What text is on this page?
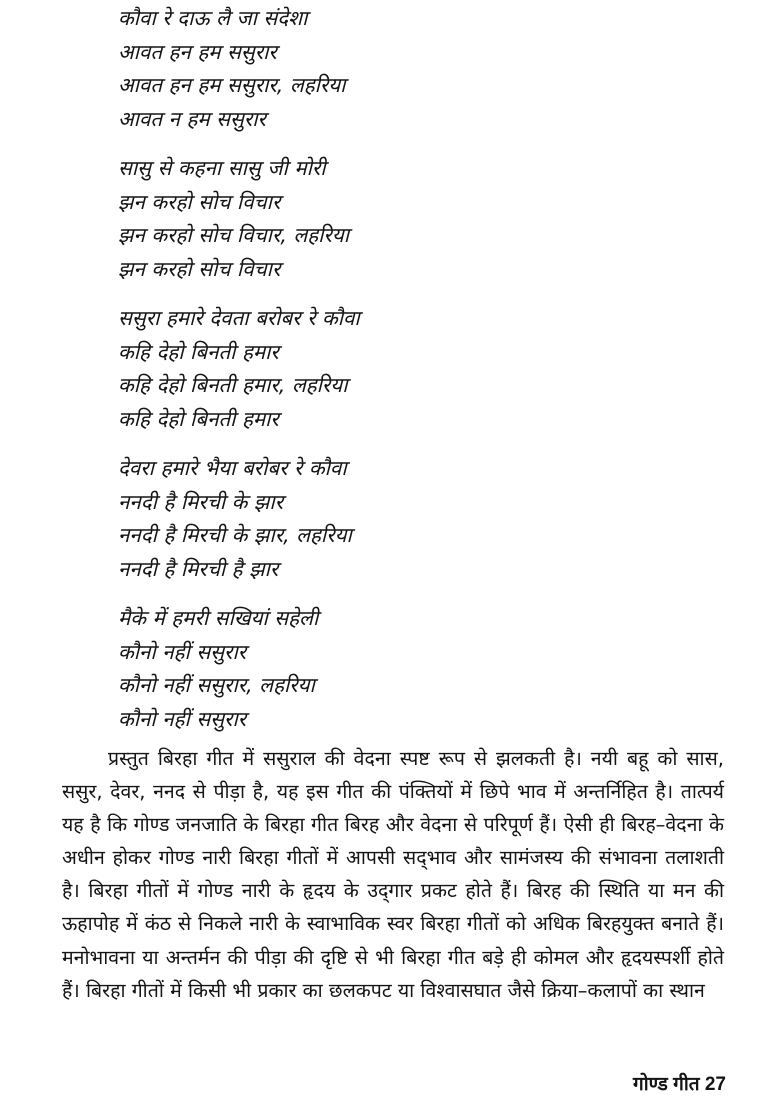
कौवा रे दाऊ लै जा संदेशा
आवत हन हम ससुरार
आवत हन हम ससुरार, लहरिया
आवत न हम ससुरार
सासु से कहना सासु जी मोरी
झन करहो सोच विचार
झन करहो सोच विचार, लहरिया
झन करहो सोच विचार
ससुरा हमारे देवता बरोबर रे कौवा
कहि देहो बिनती हमार
कहि देहो बिनती हमार, लहरिया
कहि देहो बिनती हमार
देवरा हमारे भैया बरोबर रे कौवा
ननदी है मिरची के झार
ननदी है मिरची के झार, लहरिया
ननदी है मिरची है झार
मैके में हमरी सखियां सहेली
कौनो नहीं ससुरार
कौनो नहीं ससुरार, लहरिया
कौनो नहीं ससुरार

प्रस्तुत बिरहा गीत में ससुराल की वेदना स्पष्ट रूप से झलकती है। नयी बहू को सास, ससुर, देवर, ननद से पीड़ा है, यह इस गीत की पंक्तियों में छिपे भाव में अन्तर्निहित है। तात्पर्य यह है कि गोण्ड जनजाति के बिरहा गीत बिरह और वेदना से परिपूर्ण हैं। ऐसी ही बिरह–वेदना के अधीन होकर गोण्ड नारी बिरहा गीतों में आपसी सद्‌भाव और सामंजस्य की संभावना तलाशती है। बिरहा गीतों में गोण्ड नारी के हृदय के उद्‌गार प्रकट होते हैं। बिरह की स्थिति या मन की ऊहापोह में कंठ से निकले नारी के स्वाभाविक स्वर बिरहा गीतों को अधिक बिरहयुक्त बनाते हैं। मनोभावना या अन्तर्मन की पीड़ा की दृष्टि से भी बिरहा गीत बड़े ही कोमल और हृदयस्पर्शी होते हैं। बिरहा गीतों में किसी भी प्रकार का छलकपट या विश्वासघात जैसे क्रिया–कलापों का स्थान

गोण्ड गीत 27
